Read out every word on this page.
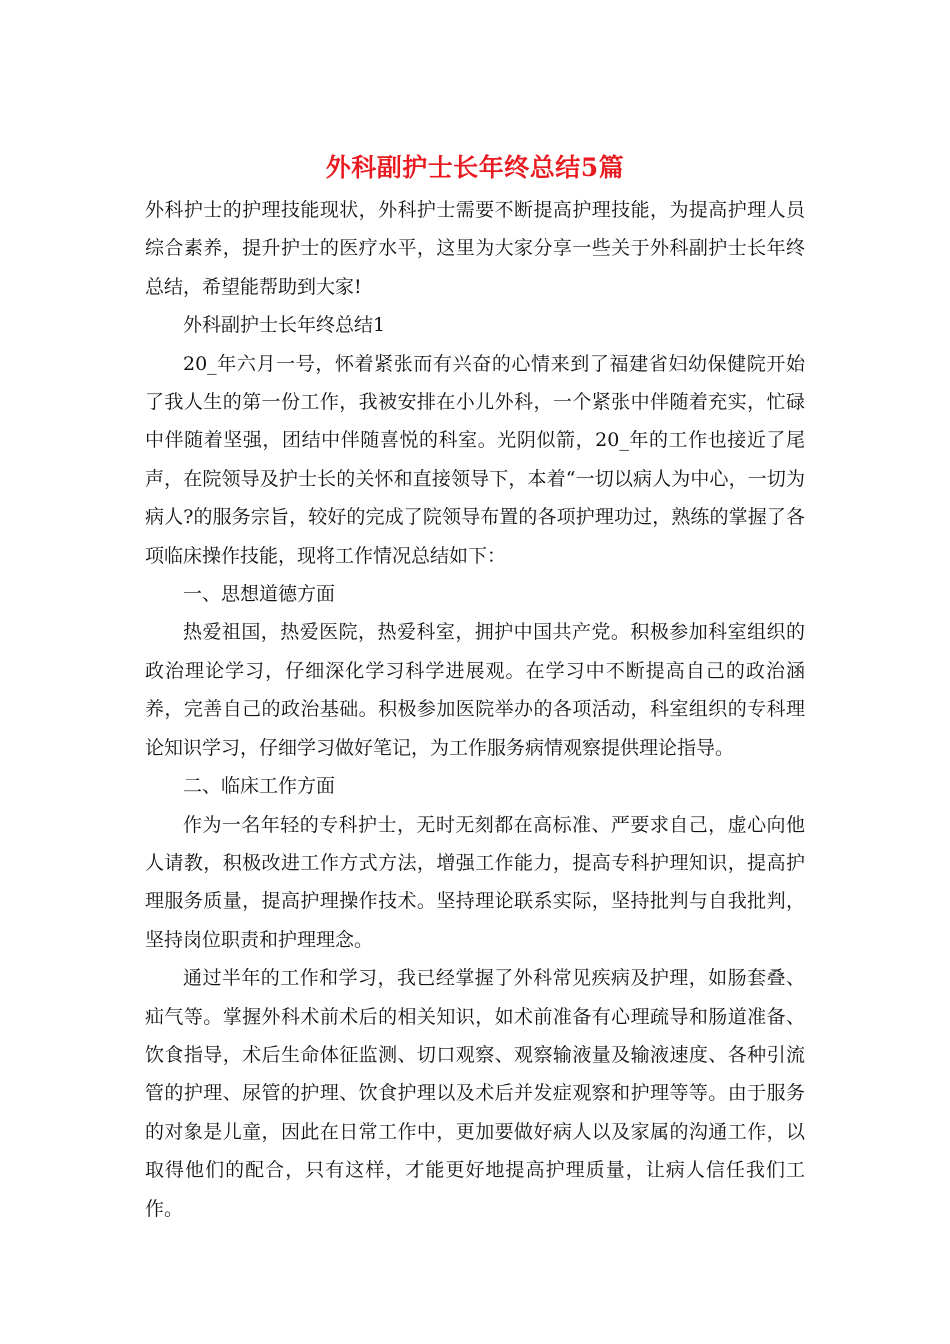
外科副护士长年终总结5篇

外科护士的护理技能现状，外科护士需要不断提高护理技能，为提高护理人员综合素养，提升护士的医疗水平，这里为大家分享一些关于外科副护士长年终总结，希望能帮助到大家!

外科副护士长年终总结1

20_年六月一号，怀着紧张而有兴奋的心情来到了福建省妇幼保健院开始了我人生的第一份工作，我被安排在小儿外科，一个紧张中伴随着充实，忙碌中伴随着坚强，团结中伴随喜悦的科室。光阴似箭，20_年的工作也接近了尾声，在院领导及护士长的关怀和直接领导下，本着“一切以病人为中心，一切为病人?的服务宗旨，较好的完成了院领导布置的各项护理功过，熟练的掌握了各项临床操作技能，现将工作情况总结如下：

一、思想道德方面

热爱祖国，热爱医院，热爱科室，拥护中国共产党。积极参加科室组织的政治理论学习，仔细深化学习科学进展观。在学习中不断提高自己的政治涵养，完善自己的政治基础。积极参加医院举办的各项活动，科室组织的专科理论知识学习，仔细学习做好笔记，为工作服务病情观察提供理论指导。

二、临床工作方面

作为一名年轻的专科护士，无时无刻都在高标准、严要求自己，虚心向他人请教，积极改进工作方式方法，增强工作能力，提高专科护理知识，提高护理服务质量，提高护理操作技术。坚持理论联系实际，坚持批判与自我批判，坚持岗位职责和护理理念。

通过半年的工作和学习，我已经掌握了外科常见疾病及护理，如肠套叠、疝气等。掌握外科术前术后的相关知识，如术前准备有心理疏导和肠道准备、饮食指导，术后生命体征监测、切口观察、观察输液量及输液速度、各种引流管的护理、尿管的护理、饮食护理以及术后并发症观察和护理等等。由于服务的对象是儿童，因此在日常工作中，更加要做好病人以及家属的沟通工作，以取得他们的配合，只有这样，才能更好地提高护理质量，让病人信任我们工作。
